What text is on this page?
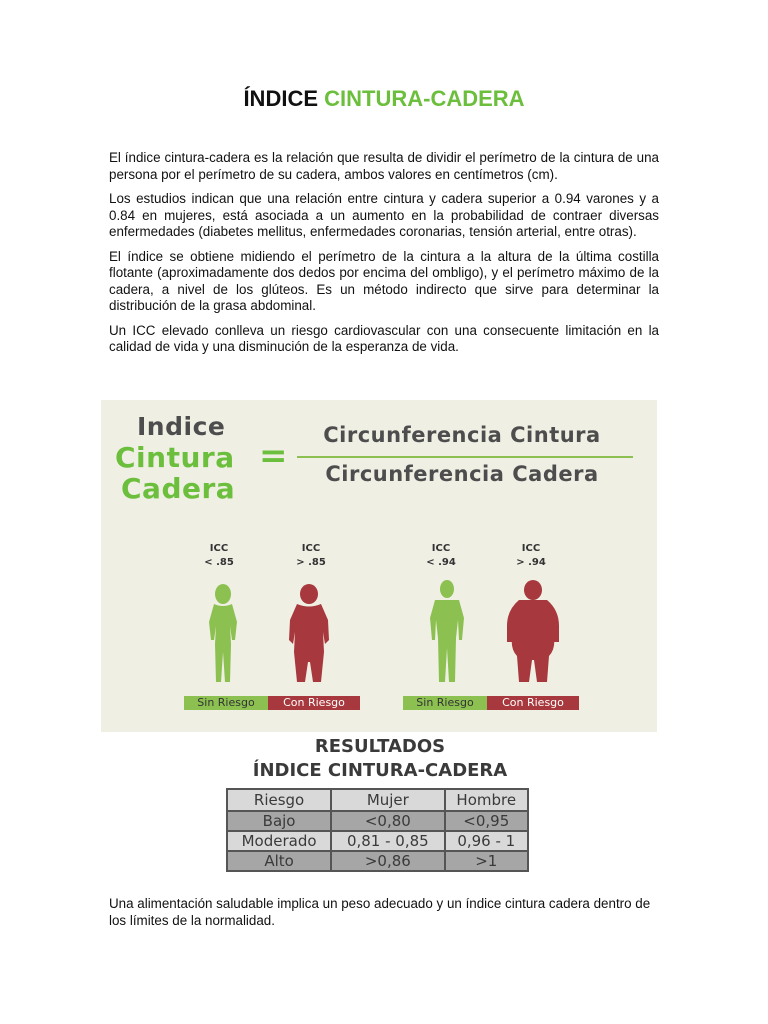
ÍNDICE CINTURA-CADERA

El índice cintura-cadera es la relación que resulta de dividir el perímetro de la cintura de una persona por el perímetro de su cadera, ambos valores en centímetros (cm).

Los estudios indican que una relación entre cintura y cadera superior a 0.94 varones y a 0.84 en mujeres, está asociada a un aumento en la probabilidad de contraer diversas enfermedades (diabetes mellitus, enfermedades coronarias, tensión arterial, entre otras).

El índice se obtiene midiendo el perímetro de la cintura a la altura de la última costilla flotante (aproximadamente dos dedos por encima del ombligo), y el perímetro máximo de la cadera, a nivel de los glúteos. Es un método indirecto que sirve para determinar la distribución de la grasa abdominal.

Un ICC elevado conlleva un riesgo cardiovascular con una consecuente limitación en la calidad de vida y una disminución de la esperanza de vida.

Indice
Cintura
Cadera
=
Circunferencia Cintura
Circunferencia Cadera
ICC
< .85
ICC
> .85
ICC
< .94
ICC
> .94
Sin Riesgo	Con Riesgo	Sin Riesgo	Con Riesgo
RESULTADOS
ÍNDICE CINTURA-CADERA
Riesgo	Mujer	Hombre
Bajo	<0,80	<0,95
Moderado	0,81 - 0,85	0,96 - 1
Alto	>0,86	>1
Una alimentación saludable implica un peso adecuado y un índice cintura cadera dentro de los límites de la normalidad.
